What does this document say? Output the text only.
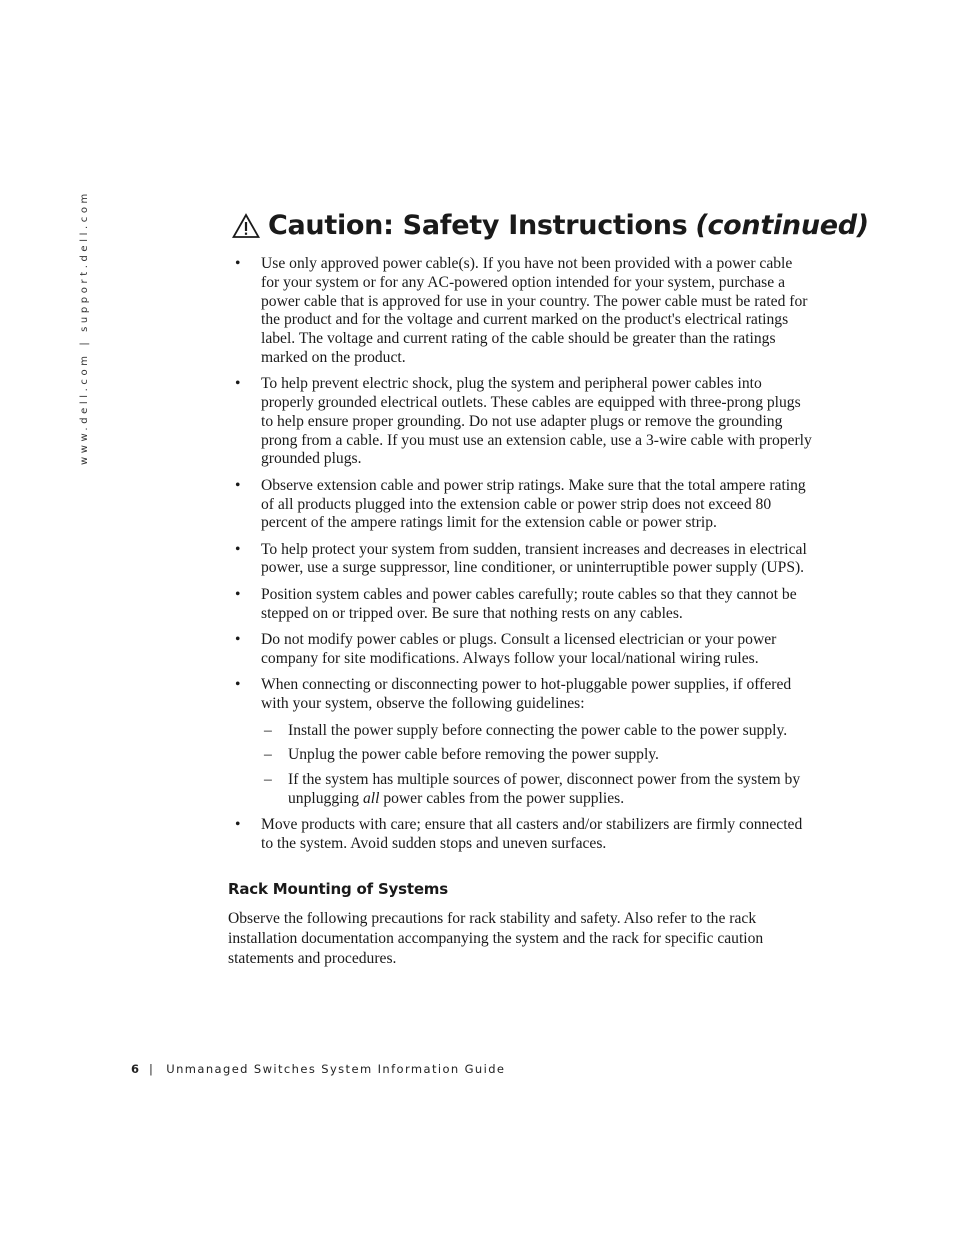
www.dell.com | support.dell.com	Caution: Safety Instructions (continued)
• Use only approved power cable(s). If you have not been provided with a power cable for your system or for any AC-powered option intended for your system, purchase a power cable that is approved for use in your country. The power cable must be rated for the product and for the voltage and current marked on the product's electrical ratings label. The voltage and current rating of the cable should be greater than the ratings marked on the product.
• To help prevent electric shock, plug the system and peripheral power cables into properly grounded electrical outlets. These cables are equipped with three-prong plugs to help ensure proper grounding. Do not use adapter plugs or remove the grounding prong from a cable. If you must use an extension cable, use a 3-wire cable with properly grounded plugs.
• Observe extension cable and power strip ratings. Make sure that the total ampere rating of all products plugged into the extension cable or power strip does not exceed 80 percent of the ampere ratings limit for the extension cable or power strip.
• To help protect your system from sudden, transient increases and decreases in electrical power, use a surge suppressor, line conditioner, or uninterruptible power supply (UPS).
• Position system cables and power cables carefully; route cables so that they cannot be stepped on or tripped over. Be sure that nothing rests on any cables.
• Do not modify power cables or plugs. Consult a licensed electrician or your power company for site modifications. Always follow your local/national wiring rules.
• When connecting or disconnecting power to hot-pluggable power supplies, if offered with your system, observe the following guidelines:
– Install the power supply before connecting the power cable to the power supply.
– Unplug the power cable before removing the power supply.
– If the system has multiple sources of power, disconnect power from the system by unplugging all power cables from the power supplies.
• Move products with care; ensure that all casters and/or stabilizers are firmly connected to the system. Avoid sudden stops and uneven surfaces.
Rack Mounting of Systems

Observe the following precautions for rack stability and safety. Also refer to the rack installation documentation accompanying the system and the rack for specific caution statements and procedures.

6 | Unmanaged Switches System Information Guide
